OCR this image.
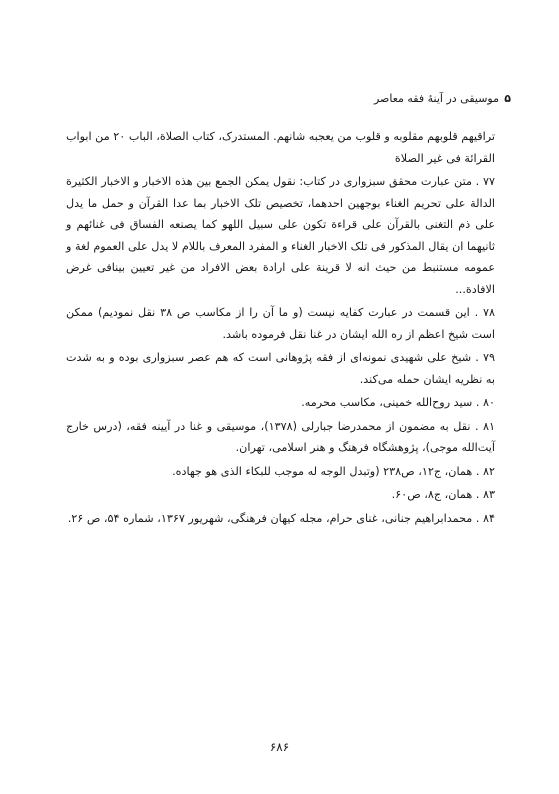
موسیقی در آینهٔ فقه معاصر ۵

تراقیهم قلوبهم مقلوبه و قلوب من یعجبه شانهم. المستدرک، کتاب الصلاة، الباب ۲۰ من ابواب القرائة فی غیر الصلاة

۷۷ . متن عبارت محقق سبزواری در کتاب: نقول یمکن الجمع بین هذه الاخبار و الاخبار الکثیرة الدالة علی تحریم الغناء بوجهین احدهما، تخصیص تلک الاخبار بما عدا القرآن و حمل ما یدل علی ذم التغنی بالقرآن علی قراءة تکون علی سبیل اللهو کما یصنعه الفساق فی غنائهم و ثانیهما ان یقال المذکور فی تلک الاخبار الغناء و المفرد المعرف باللام لا یدل علی العموم لغة و عمومه مستنبط من حیث انه لا قرینة علی ارادة بعض الافراد من غیر تعیین بینافی غرض الافادة...

۷۸ . این قسمت در عبارت کفایه نیست (و ما آن را از مکاسب ص ۳۸ نقل نمودیم) ممکن است شیخ اعظم از ره الله ایشان در غنا نقل فرموده باشد.

۷۹ . شیخ علی شهیدی نمونه‌ای از فقه پژوهانی است که هم عصر سبزواری بوده و به شدت به نظریه ایشان حمله می‌کند.

۸۰ . سید روح‌الله خمینی، مکاسب محرمه.

۸۱ . نقل به مضمون از محمدرضا جبارلی (۱۳۷۸)، موسیقی و غنا در آیینه فقه، (درس خارج آیت‌الله موجی)، پژوهشگاه فرهنگ و هنر اسلامی، تهران.

۸۲ . همان، ج۱۲، ص۲۳۸ (وتبدل الوجه له موجب للبکاء الذی هو جهاده.

۸۳ . همان، ج۸، ص۶۰.

۸۴ . محمدابراهیم جنانی، غنای حرام، مجله کیهان فرهنگی، شهریور ۱۳۶۷، شماره ۵۴، ص ۲۶.

۶۸۶
